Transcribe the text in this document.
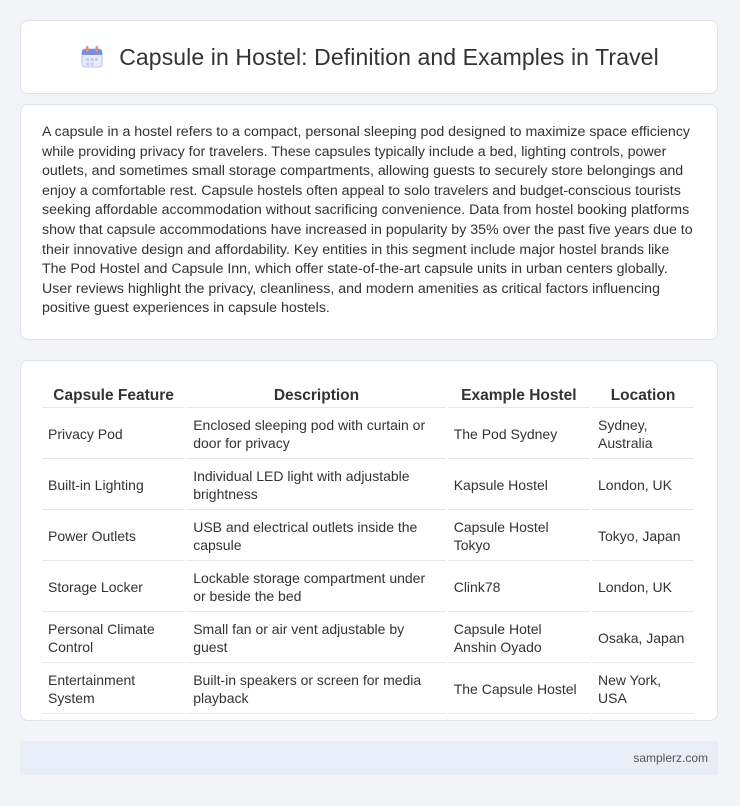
Capsule in Hostel: Definition and Examples in Travel

A capsule in a hostel refers to a compact, personal sleeping pod designed to maximize space efficiency while providing privacy for travelers. These capsules typically include a bed, lighting controls, power outlets, and sometimes small storage compartments, allowing guests to securely store belongings and enjoy a comfortable rest. Capsule hostels often appeal to solo travelers and budget-conscious tourists seeking affordable accommodation without sacrificing convenience. Data from hostel booking platforms show that capsule accommodations have increased in popularity by 35% over the past five years due to their innovative design and affordability. Key entities in this segment include major hostel brands like The Pod Hostel and Capsule Inn, which offer state-of-the-art capsule units in urban centers globally. User reviews highlight the privacy, cleanliness, and modern amenities as critical factors influencing positive guest experiences in capsule hostels.

Capsule Feature	Description	Example Hostel	Location
Privacy Pod	Enclosed sleeping pod with curtain or door for privacy	The Pod Sydney	Sydney, Australia
Built-in Lighting	Individual LED light with adjustable brightness	Kapsule Hostel	London, UK
Power Outlets	USB and electrical outlets inside the capsule	Capsule Hostel Tokyo	Tokyo, Japan
Storage Locker	Lockable storage compartment under or beside the bed	Clink78	London, UK
Personal Climate Control	Small fan or air vent adjustable by guest	Capsule Hotel Anshin Oyado	Osaka, Japan
Entertainment System	Built-in speakers or screen for media playback	The Capsule Hostel	New York, USA
samplerz.com
